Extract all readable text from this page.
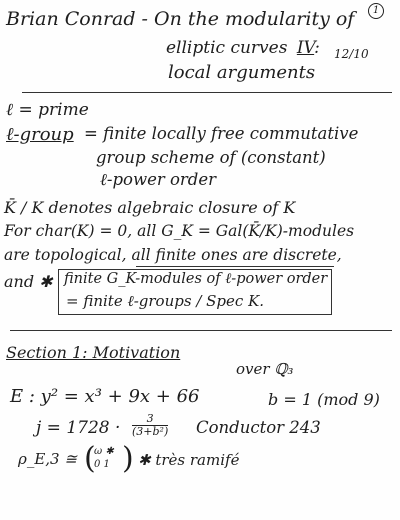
Brian Conrad - On the modularity of	1
elliptic curves IV: 12/10
local arguments
ℓ = prime
ℓ-group = finite locally free commutative
group scheme of (constant)
ℓ-power order
K̄ / K denotes algebraic closure of K
For char(K) = 0, all G_K = Gal(K̄/K)-modules
are topological, all finite ones are discrete,
and ✱ finite G_K-modules of ℓ-power order
= finite ℓ-groups / Spec K.
Section 1: Motivation
over ℚ₃
E : y² = x³ + 9x + 66	b = 1 (mod 9)
$j = 1728 \cdot \frac{3}{\text{(3+b²)}}$ Conductor 243
ρ_E,3 ≅ (
ω ✱
0 1 ) ✱ très ramifé
